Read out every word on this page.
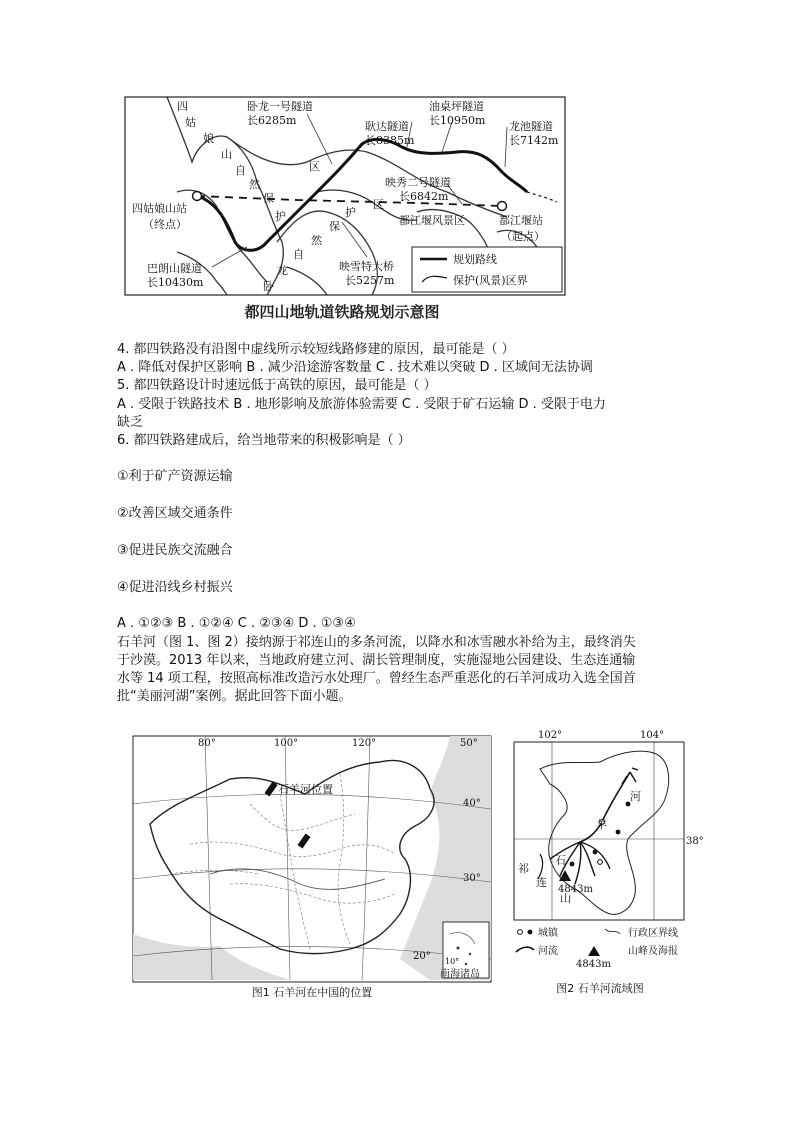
四
姑
娘
山
自
然
保
护
区
卧
龙
自
然
保
护
区
卧龙一号隧道
长6285m	耿达隧道
长8385m
油桌坪隧道
长10950m 龙池隧道
长7142m
映秀二号隧道
长6842m
巴朗山隧道
长10430m
映雪特大桥
长5257m
四姑娘山站
（终点）	都江堰站
（起点）
都江堰风景区
规划路线
保护(风景)区界
都四山地轨道铁路规划示意图
4. 都四铁路没有沿图中虚线所示较短线路修建的原因，最可能是（ ）
A . 降低对保护区影响 B . 减少沿途游客数量 C . 技术难以突破 D . 区域间无法协调
5. 都四铁路设计时速远低于高铁的原因，最可能是（ ）
A . 受限于铁路技术 B . 地形影响及旅游体验需要 C . 受限于矿石运输 D . 受限于电力
缺乏
6. 都四铁路建成后，给当地带来的积极影响是（ ）
①利于矿产资源运输
②改善区域交通条件
③促进民族交流融合
④促进沿线乡村振兴
A . ①②③ B . ①②④ C . ②③④ D . ①③④
石羊河（图 1、图 2）接纳源于祁连山的多条河流，以降水和冰雪融水补给为主，最终消失
于沙漠。2013 年以来，当地政府建立河、湖长管理制度，实施湿地公园建设、生态连通输
水等 14 项工程，按照高标准改造污水处理厂。曾经生态严重恶化的石羊河成功入选全国首
批“美丽河湖”案例。据此回答下面小题。
石羊河位置
80°	100°	120°	50°
40°
30°
20° 10°
南海诸岛
图1 石羊河在中国的位置
102°	104°
38°
4843m
河
羊
石
祁
连
山
城镇	行政区界线
河流	山峰及海报
4843m
图2 石羊河流域图
